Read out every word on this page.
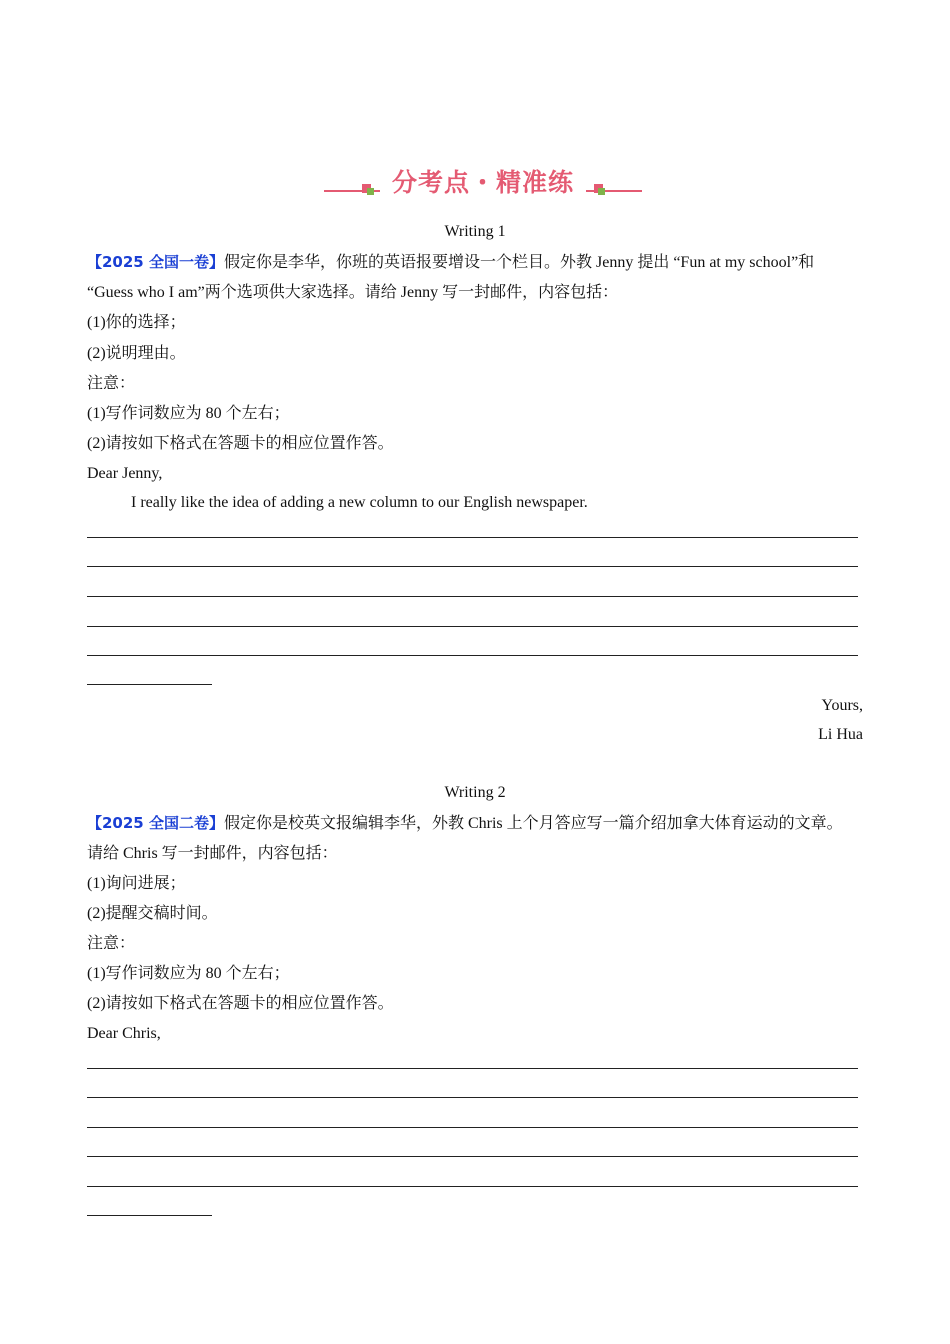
分考点・精准练
Writing 1
【2025 全国一卷】假定你是李华，你班的英语报要增设一个栏目。外教 Jenny 提出 “Fun at my school”和
“Guess who I am”两个选项供大家选择。请给 Jenny 写一封邮件，内容包括：
(1)你的选择；
(2)说明理由。
注意：
(1)写作词数应为 80 个左右；
(2)请按如下格式在答题卡的相应位置作答。
Dear Jenny,
I really like the idea of adding a new column to our English newspaper.
Yours,
Li Hua
Writing 2
【2025 全国二卷】假定你是校英文报编辑李华，外教 Chris 上个月答应写一篇介绍加拿大体育运动的文章。
请给 Chris 写一封邮件，内容包括：
(1)询问进展；
(2)提醒交稿时间。
注意：
(1)写作词数应为 80 个左右；
(2)请按如下格式在答题卡的相应位置作答。
Dear Chris,
